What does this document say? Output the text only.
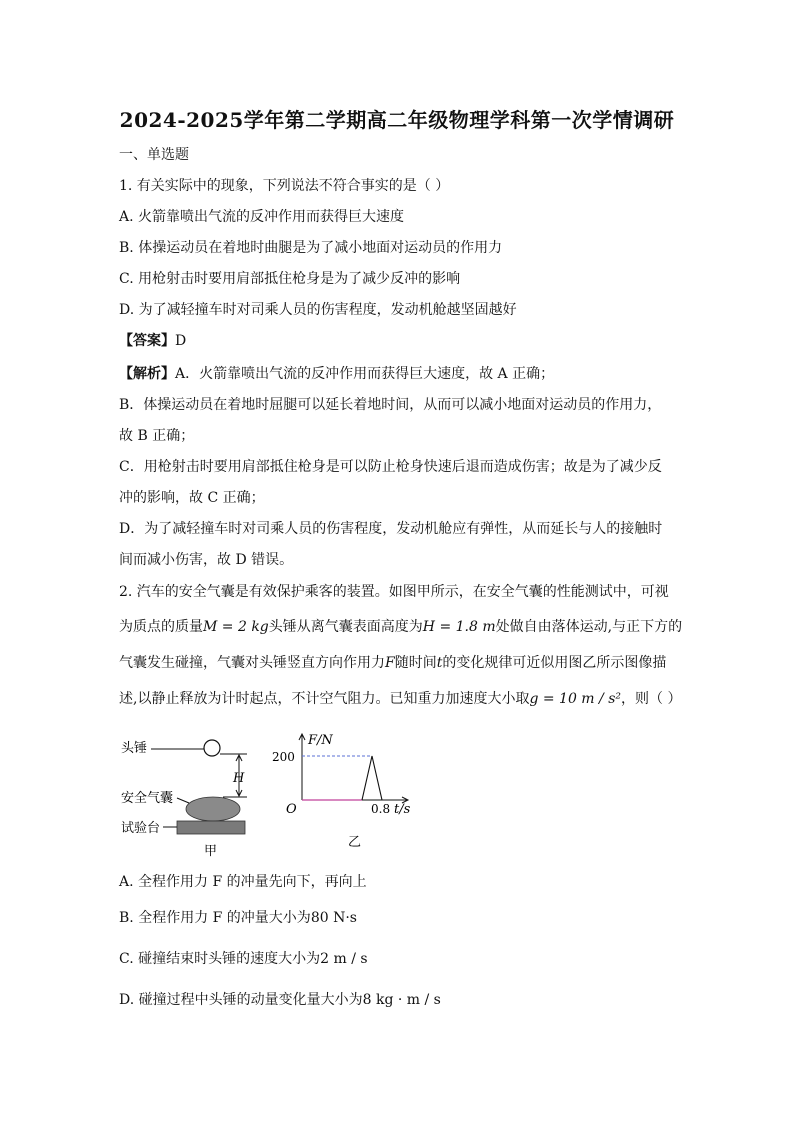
2024-2025学年第二学期高二年级物理学科第一次学情调研
一、单选题
1. 有关实际中的现象，下列说法不符合事实的是（ ）
A. 火箭靠喷出气流的反冲作用而获得巨大速度
B. 体操运动员在着地时曲腿是为了减小地面对运动员的作用力
C. 用枪射击时要用肩部抵住枪身是为了减少反冲的影响
D. 为了减轻撞车时对司乘人员的伤害程度，发动机舱越坚固越好
【答案】D
【解析】A．火箭靠喷出气流的反冲作用而获得巨大速度，故 A 正确；
B．体操运动员在着地时屈腿可以延长着地时间，从而可以减小地面对运动员的作用力，
故 B 正确；
C．用枪射击时要用肩部抵住枪身是可以防止枪身快速后退而造成伤害；故是为了减少反
冲的影响，故 C 正确；
D．为了减轻撞车时对司乘人员的伤害程度，发动机舱应有弹性，从而延长与人的接触时
间而减小伤害，故 D 错误。
2. 汽车的安全气囊是有效保护乘客的装置。如图甲所示，在安全气囊的性能测试中，可视
为质点的质量M = 2 kg头锤从离气囊表面高度为H = 1.8 m处做自由落体运动,与正下方的
气囊发生碰撞，气囊对头锤竖直方向作用力F随时间t的变化规律可近似用图乙所示图像描
述,以静止释放为计时起点，不计空气阻力。已知重力加速度大小取g = 10 m / s²，则（ ）
头锤
H
安全气囊
试验台
甲
F/N
O
200
0.8 t/s
乙
A. 全程作用力 F 的冲量先向下，再向上
B. 全程作用力 F 的冲量大小为80 N·s
C. 碰撞结束时头锤的速度大小为2 m / s
D. 碰撞过程中头锤的动量变化量大小为8 kg · m / s
